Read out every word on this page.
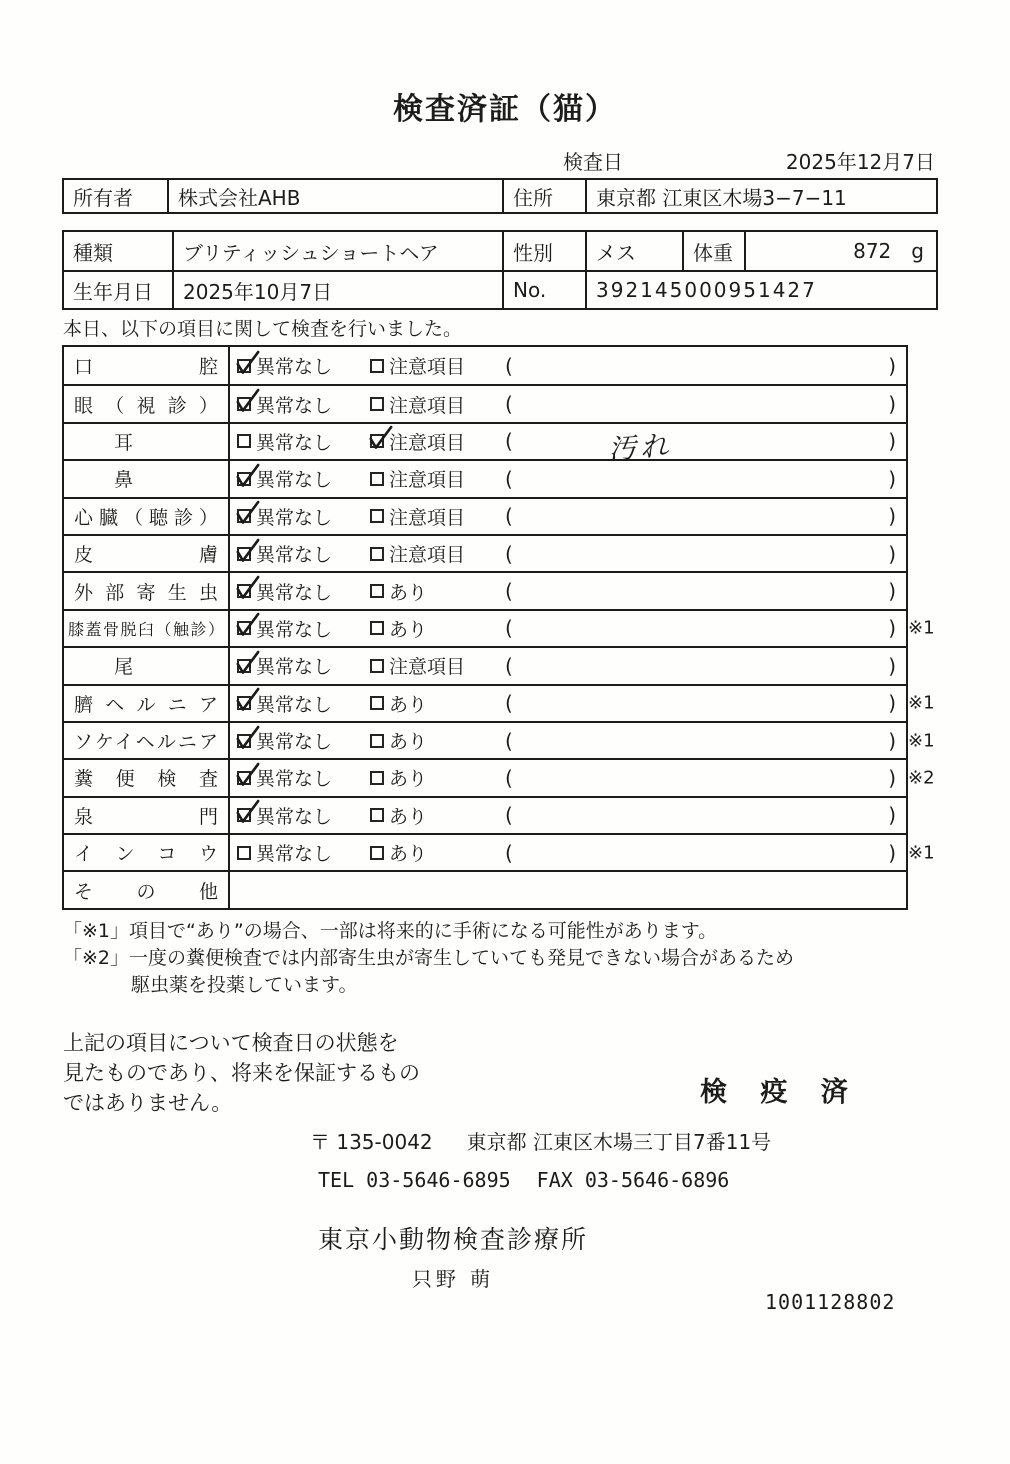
検査済証（猫）
検査日	2025年12月7日
所有者	株式会社AHB	住所	東京都 江東区木場3−7−11
種類	ブリティッシュショートヘア	性別	メス	体重	872 g
生年月日	2025年10月7日	No.	392145000951427
本日、以下の項目に関して検査を行いました。
口腔 異常なし	注意項目 (	)
眼（視診） 異常なし	注意項目 (	)
耳	異常なし	注意項目 (	汚れ	)
鼻	異常なし	注意項目 (	)
心臓（聴診） 異常なし	注意項目 (	)
皮膚 異常なし	注意項目 (	)
外部寄生虫 異常なし	あり	(	)
膝蓋骨脱臼（触診） 異常なし	あり	(	) ※1
尾	異常なし	注意項目 (	)
臍ヘルニア 異常なし	あり	(	) ※1
ソケイヘルニア 異常なし	あり	(	) ※1
糞便検査 異常なし	あり	(	) ※2
泉門 異常なし	あり	(	)
インコウ 異常なし	あり	(	) ※1
その他
「※1」項目で“あり”の場合、一部は将来的に手術になる可能性があります。
「※2」一度の糞便検査では内部寄生虫が寄生していても発見できない場合があるため
駆虫薬を投薬しています。
上記の項目について検査日の状態を
見たものであり、将来を保証するもの
ではありません。	検 疫 済
〒 135-0042 東京都 江東区木場三丁目7番11号
TEL 03-5646-6895 FAX 03-5646-6896
東京小動物検査診療所
只野 萌
1001128802
